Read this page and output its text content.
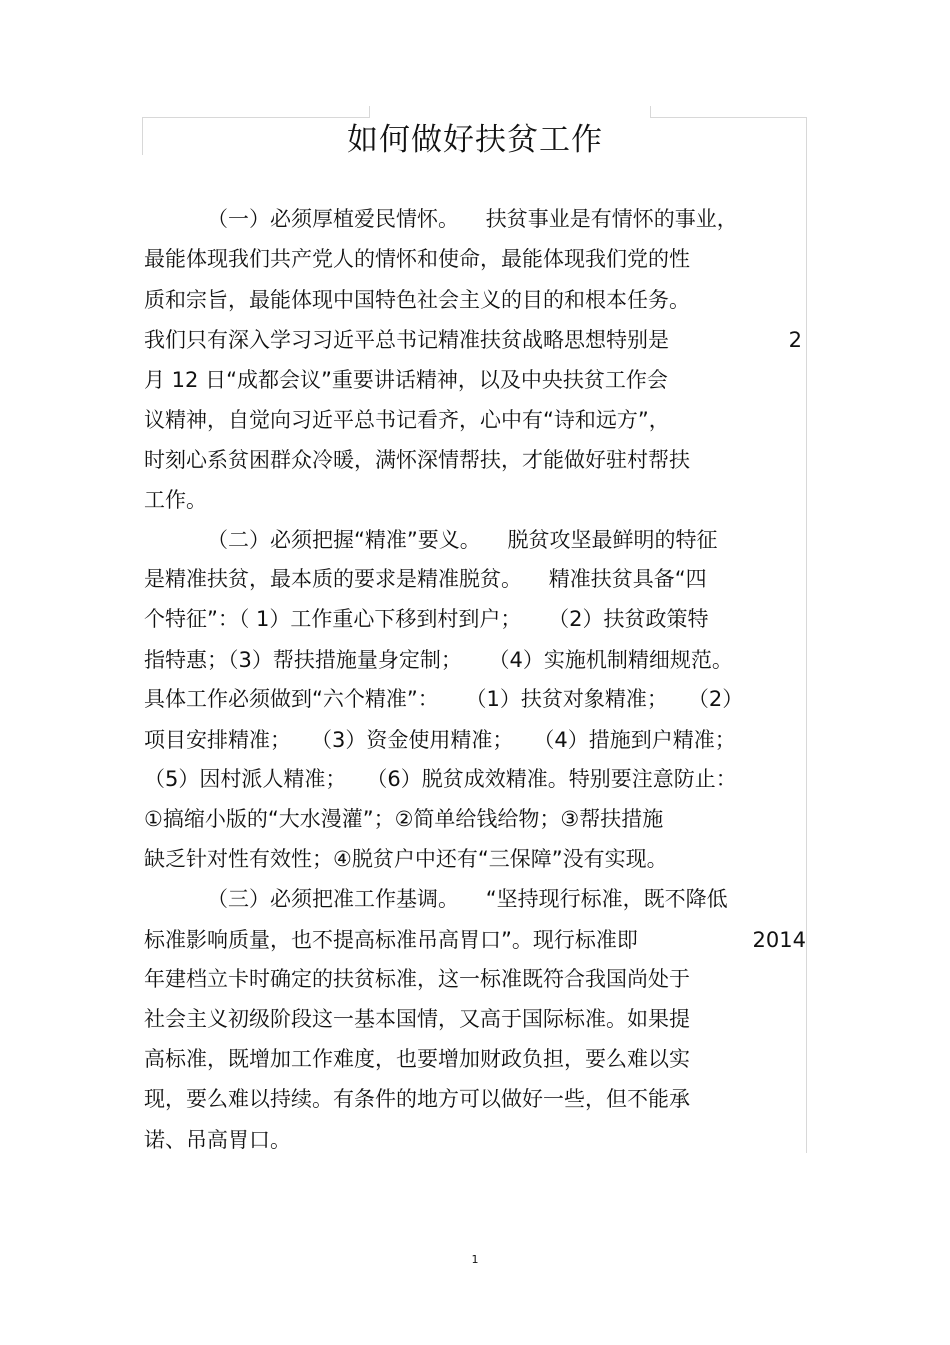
如何做好扶贫工作
（一）必须厚植爱民情怀。    扶贫事业是有情怀的事业，
最能体现我们共产党人的情怀和使命，最能体现我们党的性
质和宗旨，最能体现中国特色社会主义的目的和根本任务。
我们只有深入学习习近平总书记精准扶贫战略思想特别是
月 12 日“成都会议”重要讲话精神，以及中央扶贫工作会
议精神，自觉向习近平总书记看齐，心中有“诗和远方”，
时刻心系贫困群众冷暖，满怀深情帮扶，才能做好驻村帮扶
工作。
（二）必须把握“精准”要义。    脱贫攻坚最鲜明的特征
是精准扶贫，最本质的要求是精准脱贫。    精准扶贫具备“四
个特征”：（ 1）工作重心下移到村到户；    （2）扶贫政策特
指特惠；（3）帮扶措施量身定制；    （4）实施机制精细规范。
具体工作必须做到“六个精准”：    （1）扶贫对象精准；   （2）
项目安排精准；   （3）资金使用精准；   （4）措施到户精准；
（5）因村派人精准；   （6）脱贫成效精准。特别要注意防止：
①搞缩小版的“大水漫灌”；②简单给钱给物；③帮扶措施
缺乏针对性有效性；④脱贫户中还有“三保障”没有实现。
（三）必须把准工作基调。    “坚持现行标准，既不降低
标准影响质量，也不提高标准吊高胃口”。现行标准即
年建档立卡时确定的扶贫标准，这一标准既符合我国尚处于
社会主义初级阶段这一基本国情，又高于国际标准。如果提
高标准，既增加工作难度，也要增加财政负担，要么难以实
现，要么难以持续。有条件的地方可以做好一些，但不能承
诺、吊高胃口。
2
2014
1
